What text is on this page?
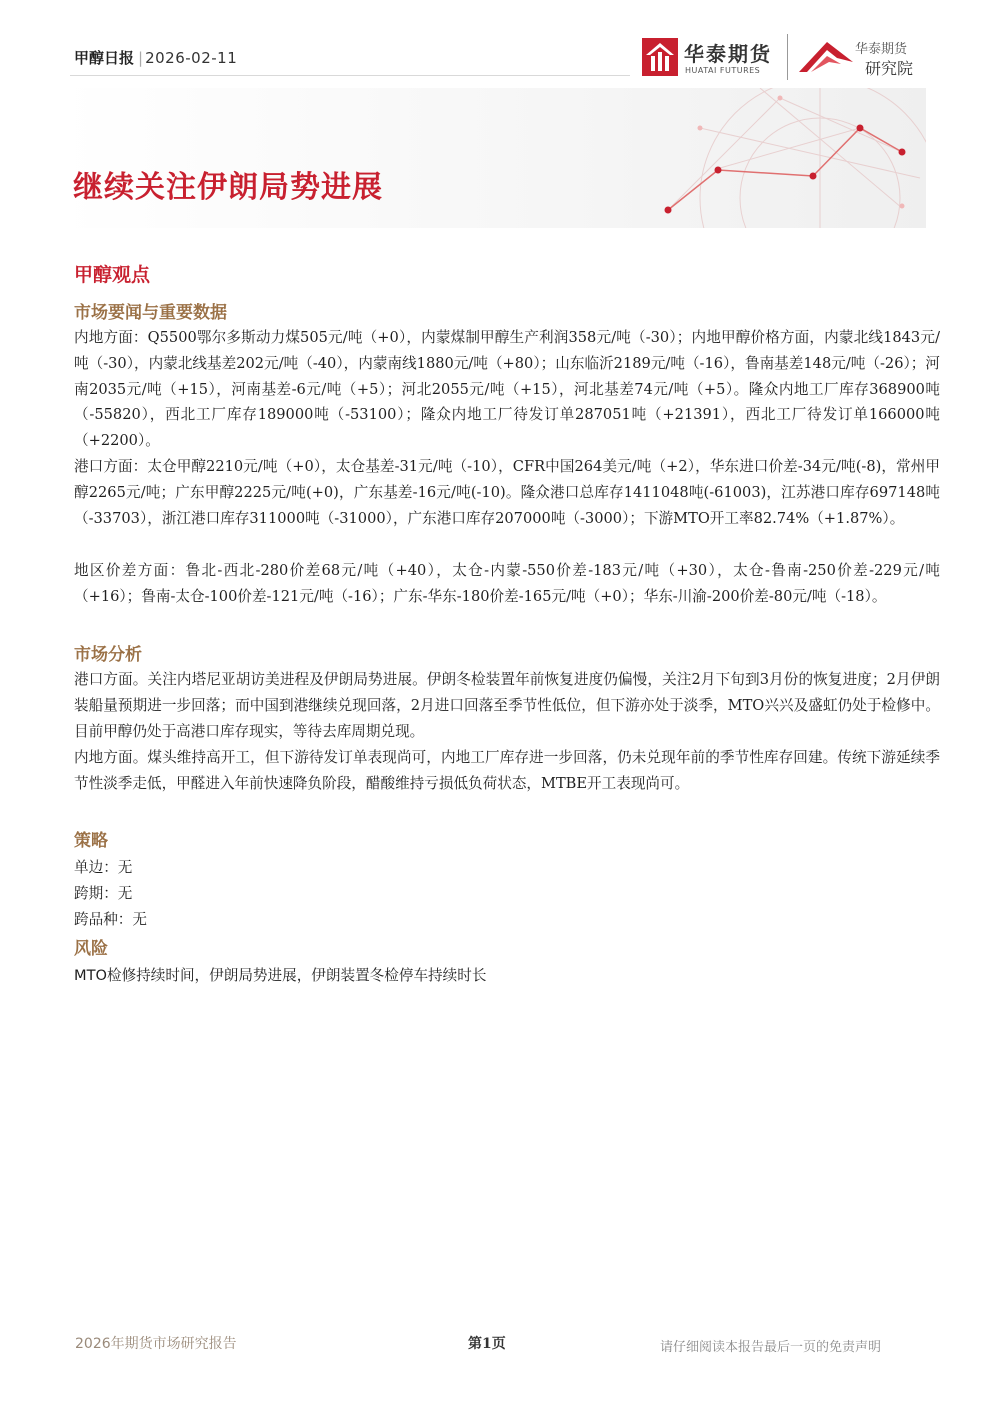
甲醇日报 | 2026-02-11	华泰期货
HUATAI FUTURES
华泰期货
研究院
继续关注伊朗局势进展
甲醇观点
市场要闻与重要数据

内地方面：Q5500鄂尔多斯动力煤505元/吨（+0），内蒙煤制甲醇生产利润358元/吨（-30）；内地甲醇价格方面，内蒙北线1843元/吨（-30），内蒙北线基差202元/吨（-40），内蒙南线1880元/吨（+80）；山东临沂2189元/吨（-16），鲁南基差148元/吨（-26）；河南2035元/吨（+15），河南基差-6元/吨（+5）；河北2055元/吨（+15），河北基差74元/吨（+5）。隆众内地工厂库存368900吨（-55820），西北工厂库存189000吨（-53100）；隆众内地工厂待发订单287051吨（+21391），西北工厂待发订单166000吨（+2200）。

港口方面：太仓甲醇2210元/吨（+0），太仓基差-31元/吨（-10），CFR中国264美元/吨（+2），华东进口价差-34元/吨(-8)，常州甲醇2265元/吨；广东甲醇2225元/吨(+0)，广东基差-16元/吨(-10)。隆众港口总库存1411048吨(-61003)，江苏港口库存697148吨（-33703），浙江港口库存311000吨（-31000），广东港口库存207000吨（-3000）；下游MTO开工率82.74%（+1.87%）。

地区价差方面：鲁北-西北-280价差68元/吨（+40），太仓-内蒙-550价差-183元/吨（+30），太仓-鲁南-250价差-229元/吨（+16）；鲁南-太仓-100价差-121元/吨（-16）；广东-华东-180价差-165元/吨（+0）；华东-川渝-200价差-80元/吨（-18）。

市场分析

港口方面。关注内塔尼亚胡访美进程及伊朗局势进展。伊朗冬检装置年前恢复进度仍偏慢，关注2月下旬到3月份的恢复进度；2月伊朗装船量预期进一步回落；而中国到港继续兑现回落，2月进口回落至季节性低位，但下游亦处于淡季，MTO兴兴及盛虹仍处于检修中。目前甲醇仍处于高港口库存现实，等待去库周期兑现。

内地方面。煤头维持高开工，但下游待发订单表现尚可，内地工厂库存进一步回落，仍未兑现年前的季节性库存回建。传统下游延续季节性淡季走低，甲醛进入年前快速降负阶段，醋酸维持亏损低负荷状态，MTBE开工表现尚可。

策略
单边：无
跨期：无
跨品种：无
风险
MTO检修持续时间，伊朗局势进展，伊朗装置冬检停车持续时长
2026年期货市场研究报告	第1页	请仔细阅读本报告最后一页的免责声明
